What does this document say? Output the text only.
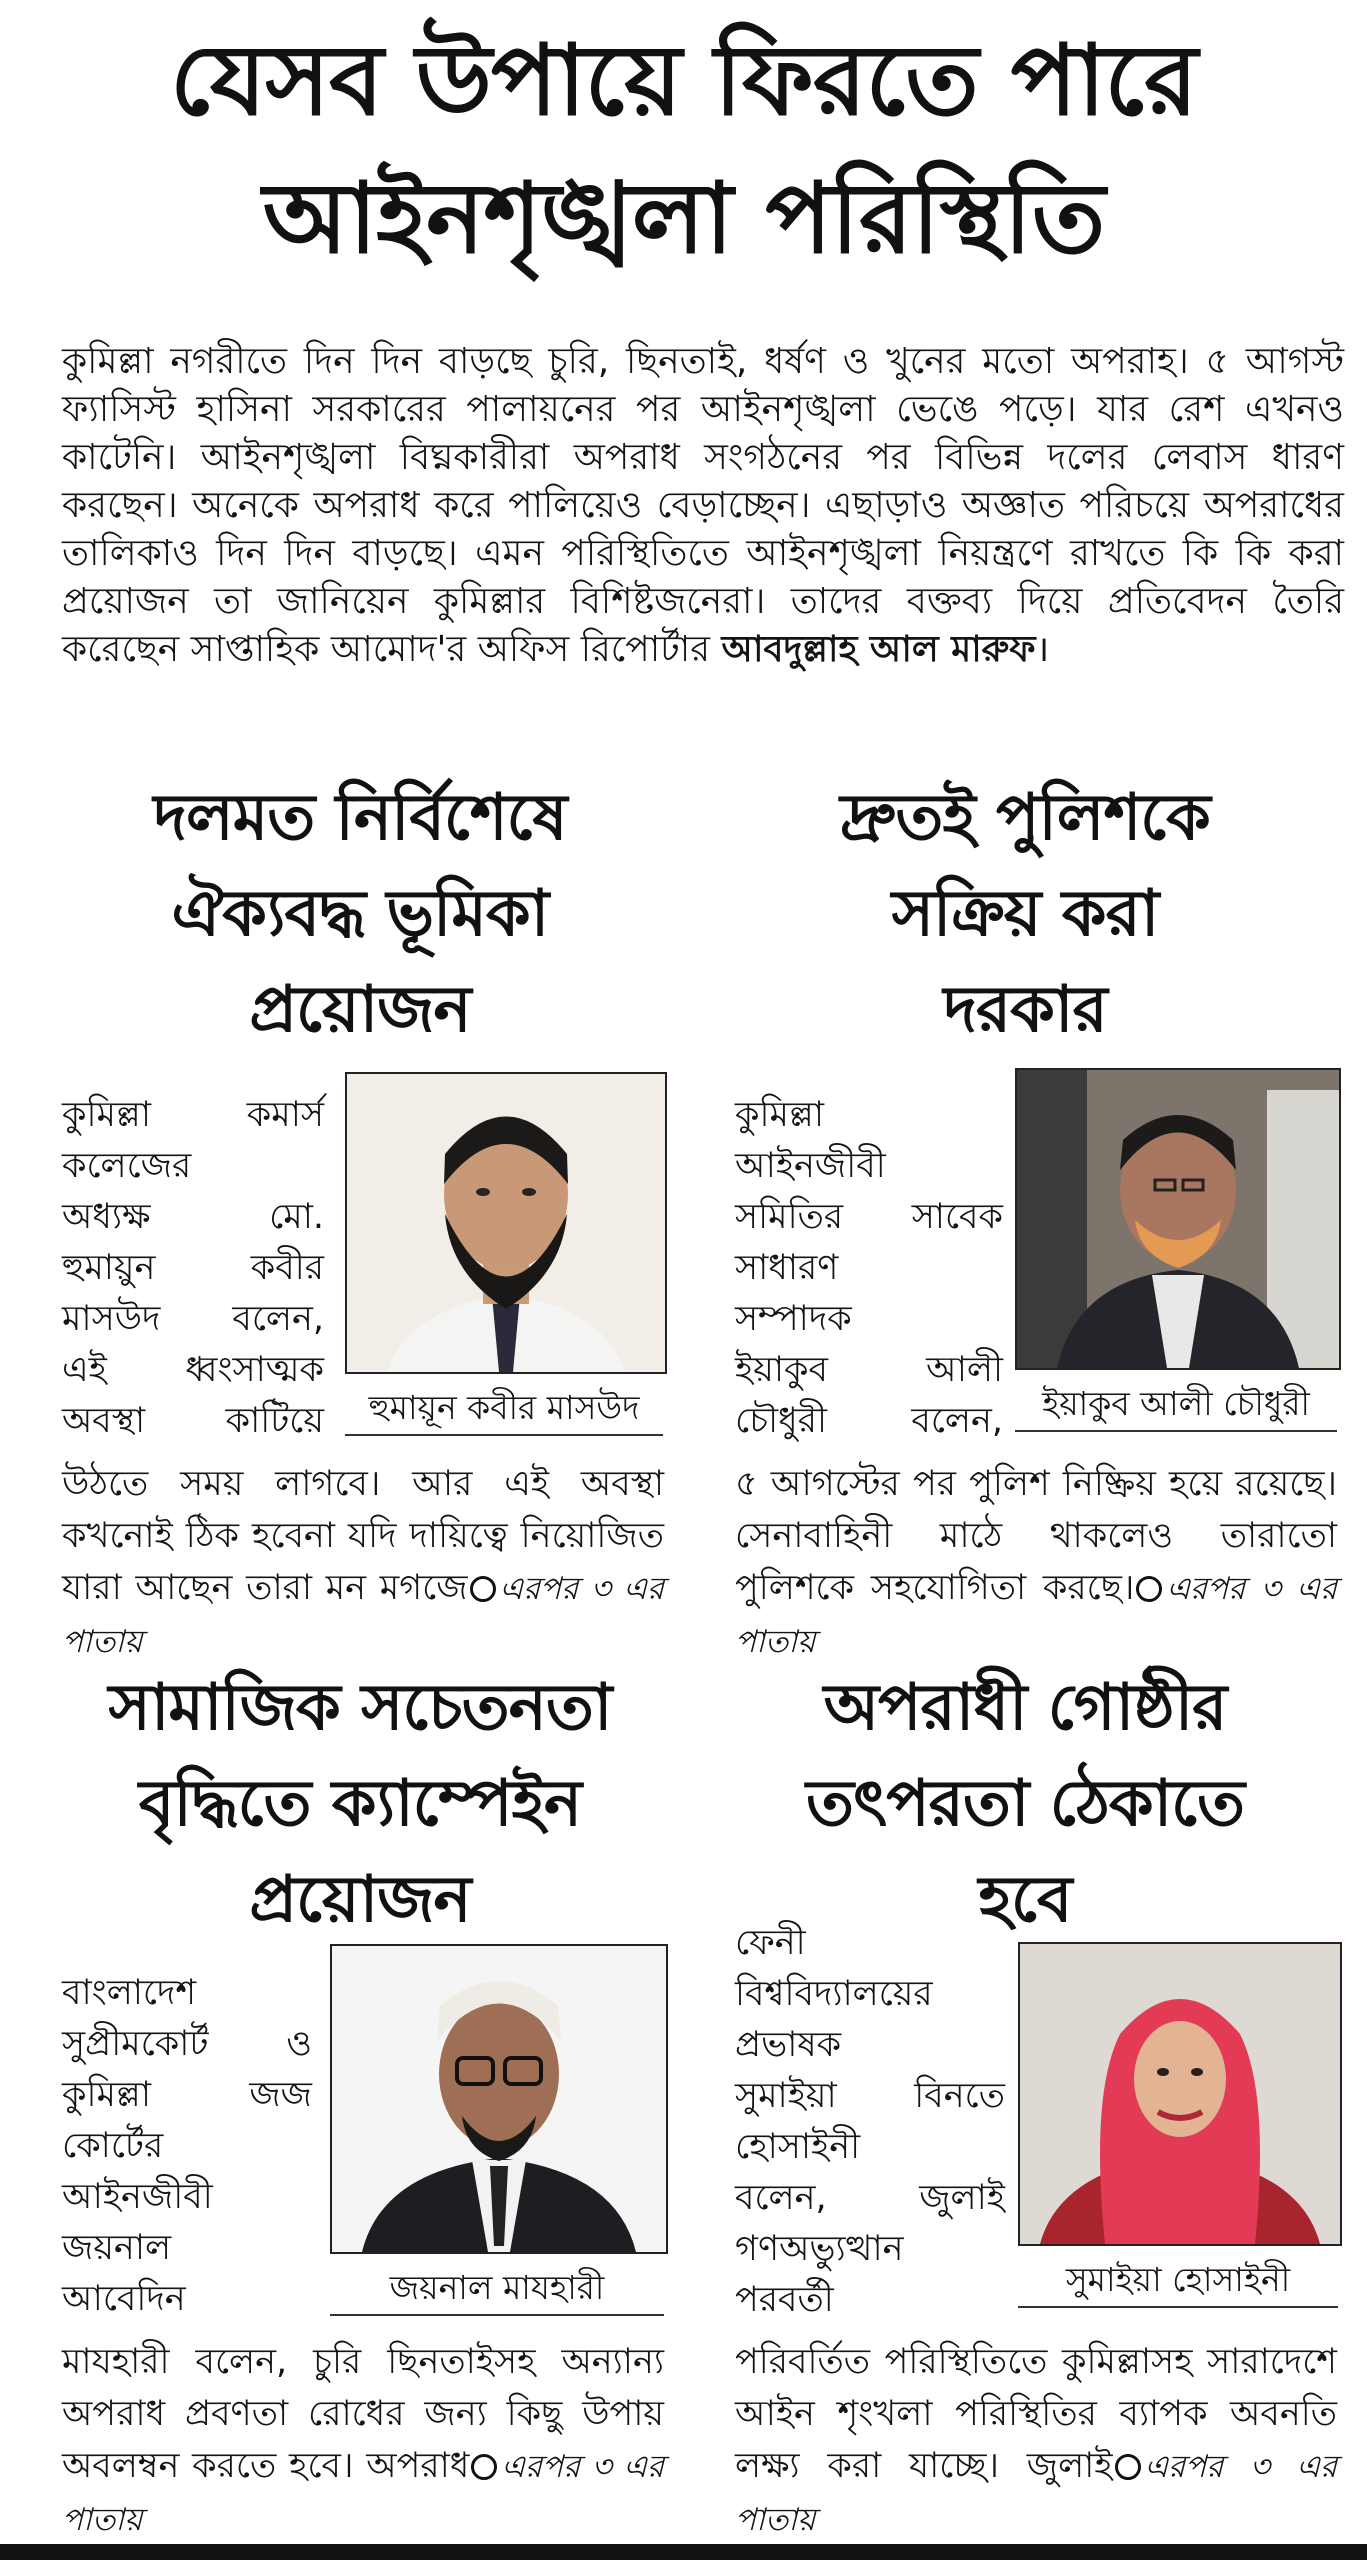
যেসব উপায়ে ফিরতে পারে
আইনশৃঙ্খলা পরিস্থিতি
কুমিল্লা নগরীতে দিন দিন বাড়ছে চুরি, ছিনতাই, ধর্ষণ ও খুনের মতো অপরাহ। ৫ আগস্ট ফ্যাসিস্ট হাসিনা সরকারের পালায়নের পর আইনশৃঙ্খলা ভেঙে পড়ে। যার রেশ এখনও কাটেনি। আইনশৃঙ্খলা বিঘ্নকারীরা অপরাধ সংগঠনের পর বিভিন্ন দলের লেবাস ধারণ করছেন। অনেকে অপরাধ করে পালিয়েও বেড়াচ্ছেন। এছাড়াও অজ্ঞাত পরিচয়ে অপরাধের তালিকাও দিন দিন বাড়ছে। এমন পরিস্থিতিতে আইনশৃঙ্খলা নিয়ন্ত্রণে রাখতে কি কি করা প্রয়োজন তা জানিয়েন কুমিল্লার বিশিষ্টজনেরা। তাদের বক্তব্য দিয়ে প্রতিবেদন তৈরি করেছেন সাপ্তাহিক আমোদ'র অফিস রিপোর্টার আবদুল্লাহ আল মারুফ।
দলমত নির্বিশেষে
ঐক্যবদ্ধ ভূমিকা
প্রয়োজন
কুমিল্লা কমার্স
কলেজের
অধ্যক্ষ মো.
হুমায়ুন কবীর
মাসউদ বলেন,
এই ধ্বংসাত্মক
অবস্থা কাটিয়ে	হুমায়ূন কবীর মাসউদ
উঠতে সময় লাগবে। আর এই অবস্থা কখনোই ঠিক হবেনা যদি দায়িত্বে নিয়োজিত যারা আছেন তারা মন মগজে এরপর ৩ এর পাতায়
দ্রুতই পুলিশকে
সক্রিয় করা
দরকার
কুমিল্লা
আইনজীবী
সমিতির সাবেক
সাধারণ
সম্পাদক
ইয়াকুব আলী
চৌধুরী বলেন,	ইয়াকুব আলী চৌধুরী
৫ আগস্টের পর পুলিশ নিষ্ক্রিয় হয়ে রয়েছে। সেনাবাহিনী মাঠে থাকলেও তারাতো পুলিশকে সহযোগিতা করছে। এরপর ৩ এর পাতায়
সামাজিক সচেতনতা
বৃদ্ধিতে ক্যাম্পেইন
প্রয়োজন
বাংলাদেশ
সুপ্রীমকোর্ট ও
কুমিল্লা জজ
কোর্টের
আইনজীবী
জয়নাল
আবেদিন	জয়নাল মাযহারী
মাযহারী বলেন, চুরি ছিনতাইসহ অন্যান্য অপরাধ প্রবণতা রোধের জন্য কিছু উপায় অবলম্বন করতে হবে। অপরাধ এরপর ৩ এর পাতায়
অপরাধী গোষ্ঠীর
তৎপরতা ঠেকাতে
হবে
ফেনী
বিশ্ববিদ্যালয়ের
প্রভাষক
সুমাইয়া বিনতে
হোসাইনী
বলেন, জুলাই
গণঅভ্যুত্থান
পরবর্তী
সুমাইয়া হোসাইনী
পরিবর্তিত পরিস্থিতিতে কুমিল্লাসহ সারাদেশে আইন শৃংখলা পরিস্থিতির ব্যাপক অবনতি লক্ষ্য করা যাচ্ছে। জুলাই এরপর ৩ এর পাতায়
